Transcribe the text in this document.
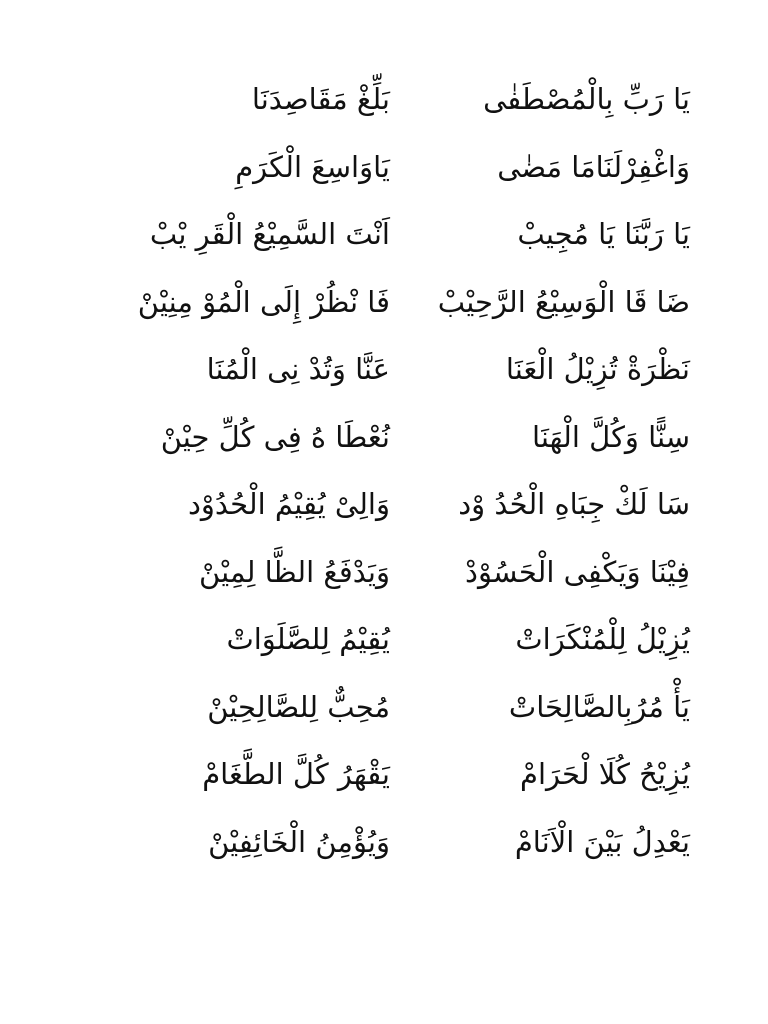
يَا رَبِّ بِالْمُصْطَفٰى
بَلِّغْ مَقَاصِدَنَا
وَاغْفِرْلَنَامَا مَضٰى
يَاوَاسِعَ الْكَرَمِ
يَا رَبَّنَا يَا مُجِيبْ
اَنْتَ السَّمِيْعُ الْقَرِ يْبْ
ضَا قَا الْوَسِيْعُ الرَّحِيْبْ
فَا نْظُرْ إِلَى الْمُوْ مِنِيْنْ
نَظْرَةْ تُزِيْلُ الْعَنَا
عَنَّا وَتُدْ نِى الْمُنَا
سِنًّا وَكُلَّ الْهَنَا
نُعْطَا هُ فِى كُلِّ حِيْنْ
سَا لَكْ جِبَاهِ الْحُدُ وْد
وَالِىْ يُقِيْمُ الْحُدُوْد
فِيْنَا وَيَكْفِى الْحَسُوْدْ
وَيَدْفَعُ الظَّا لِمِيْنْ
يُزِيْلُ لِلْمُنْكَرَاتْ
يُقِيْمُ لِلصَّلَوَاتْ
يَأْ مُرُبِالصَّالِحَاتْ
مُحِبٌّ لِلصَّالِحِيْنْ
يُزِيْحُ كُلَا لْحَرَامْ
يَقْهَرُ كُلَّ الطَّغَامْ
يَعْدِلُ بَيْنَ الْاَنَامْ
وَيُؤْمِنُ الْخَائِفِيْنْ
